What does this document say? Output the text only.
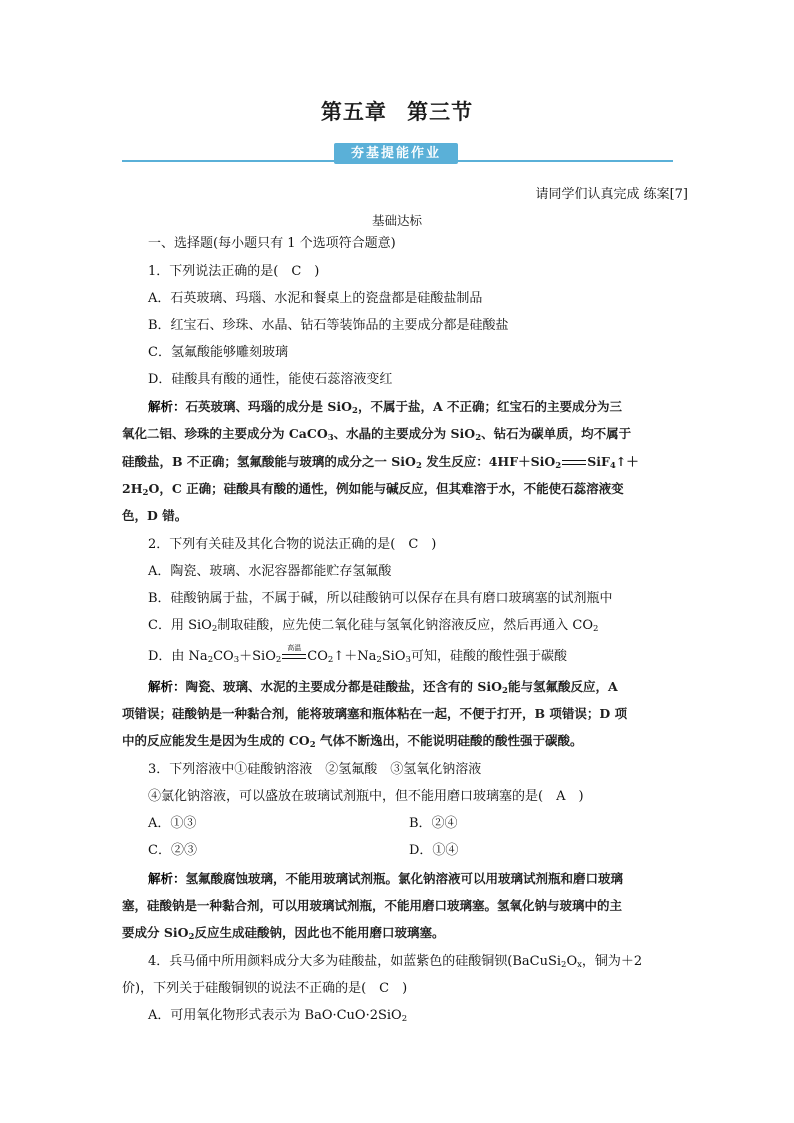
第五章 第三节
夯基提能作业
请同学们认真完成 练案[7]
基础达标
一、选择题(每小题只有 1 个选项符合题意)
1．下列说法正确的是(　C　)
A．石英玻璃、玛瑙、水泥和餐桌上的瓷盘都是硅酸盐制品
B．红宝石、珍珠、水晶、钻石等装饰品的主要成分都是硅酸盐
C．氢氟酸能够雕刻玻璃
D．硅酸具有酸的通性，能使石蕊溶液变红
解析：石英玻璃、玛瑙的成分是 SiO$_2$，不属于盐，A 不正确；红宝石的主要成分为三
氧化二铝、珍珠的主要成分为 CaCO$_3$、水晶的主要成分为 SiO$_2$、钻石为碳单质，均不属于
硅酸盐，B 不正确；氢氟酸能与玻璃的成分之一 SiO$_2$ 发生反应：4HF＋SiO$_2$ SiF$_4$↑＋
$2H_2O$，C 正确；硅酸具有酸的通性，例如能与碱反应，但其难溶于水，不能使石蕊溶液变
色，D 错。
2．下列有关硅及其化合物的说法正确的是(　C　)
A．陶瓷、玻璃、水泥容器都能贮存氢氟酸
B．硅酸钠属于盐，不属于碱，所以硅酸钠可以保存在具有磨口玻璃塞的试剂瓶中
C．用 SiO$_2$制取硅酸，应先使二氧化硅与氢氧化钠溶液反应，然后再通入 $CO_2$
D．由 $Na_2CO_3+SiO_2$
高温
$CO_2↑+Na_2SiO_3$可知，硅酸的酸性强于碳酸
解析：陶瓷、玻璃、水泥的主要成分都是硅酸盐，还含有的 SiO$_2$能与氢氟酸反应，A
项错误；硅酸钠是一种黏合剂，能将玻璃塞和瓶体粘在一起，不便于打开，B 项错误；D 项
中的反应能发生是因为生成的 $CO_2$ 气体不断逸出，不能说明硅酸的酸性强于碳酸。
3．下列溶液中①硅酸钠溶液　②氢氟酸　③氢氧化钠溶液
④氯化钠溶液，可以盛放在玻璃试剂瓶中，但不能用磨口玻璃塞的是(　A　)
A．①③	B．②④
C．②③	D．①④
解析：氢氟酸腐蚀玻璃，不能用玻璃试剂瓶。氯化钠溶液可以用玻璃试剂瓶和磨口玻璃
塞，硅酸钠是一种黏合剂，可以用玻璃试剂瓶，不能用磨口玻璃塞。氢氧化钠与玻璃中的主
要成分 SiO$_2$反应生成硅酸钠，因此也不能用磨口玻璃塞。
4．兵马俑中所用颜料成分大多为硅酸盐，如蓝紫色的硅酸铜钡($BaCuSi_2O_x$，铜为＋2
价)，下列关于硅酸铜钡的说法不正确的是(　C　)
A．可用氧化物形式表示为 BaO·CuO·2SiO$_2$
